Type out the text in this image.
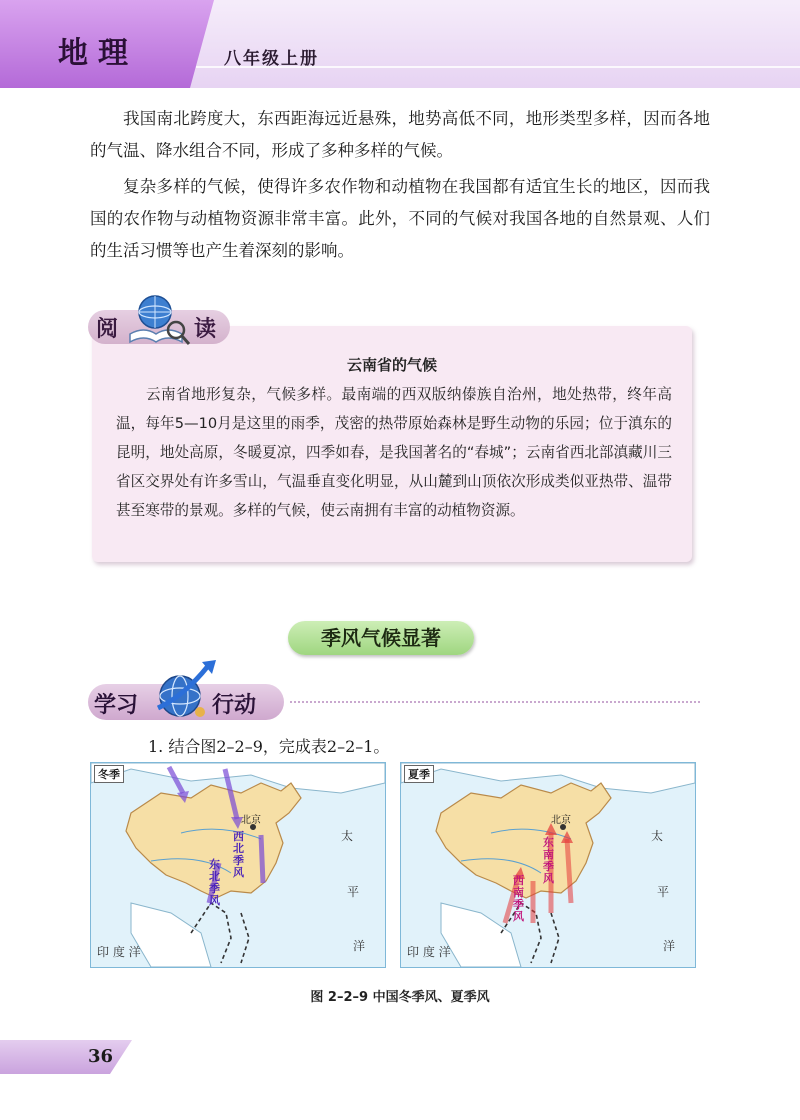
地理	八年级上册

我国南北跨度大，东西距海远近悬殊，地势高低不同，地形类型多样，因而各地的气温、降水组合不同，形成了多种多样的气候。

复杂多样的气候，使得许多农作物和动植物在我国都有适宜生长的地区，因而我国的农作物与动植物资源非常丰富。此外，不同的气候对我国各地的自然景观、人们的生活习惯等也产生着深刻的影响。

阅	读
云南省的气候

云南省地形复杂，气候多样。最南端的西双版纳傣族自治州，地处热带，终年高温，每年5—10月是这里的雨季，茂密的热带原始森林是野生动物的乐园；位于滇东的昆明，地处高原，冬暖夏凉，四季如春，是我国著名的“春城”；云南省西北部滇藏川三省区交界处有许多雪山，气温垂直变化明显，从山麓到山顶依次形成类似亚热带、温带甚至寒带的景观。多样的气候，使云南拥有丰富的动植物资源。

季风气候显著
学习	行动
1. 结合图2–2–9，完成表2–2–1。
冬季
北京
西北季风
东北季风
太
平
洋
印 度 洋
夏季
北京
东南季风
西南季风
太
平
洋
印 度 洋
图 2–2–9 中国冬季风、夏季风
36
